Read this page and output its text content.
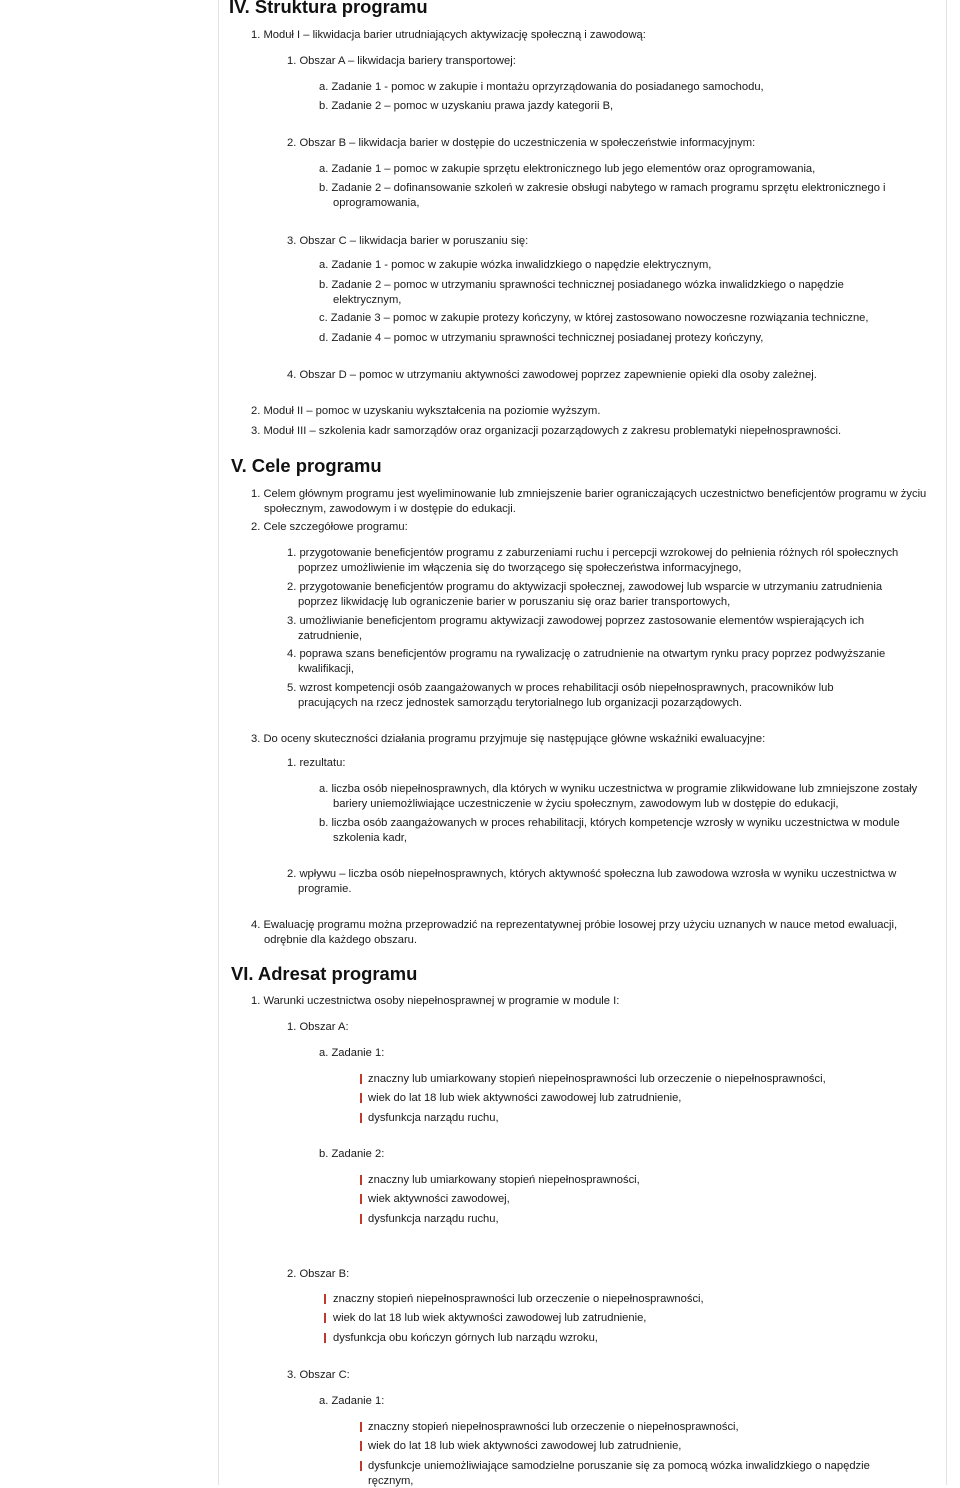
IV. Struktura programu
1. Moduł I – likwidacja barier utrudniających aktywizację społeczną i zawodową:
1. Obszar A – likwidacja bariery transportowej:
a. Zadanie 1 - pomoc w zakupie i montażu oprzyrządowania do posiadanego samochodu,
b. Zadanie 2 – pomoc w uzyskaniu prawa jazdy kategorii B,
2. Obszar B – likwidacja barier w dostępie do uczestniczenia w społeczeństwie informacyjnym:
a. Zadanie 1 – pomoc w zakupie sprzętu elektronicznego lub jego elementów oraz oprogramowania,
b. Zadanie 2 – dofinansowanie szkoleń w zakresie obsługi nabytego w ramach programu sprzętu elektronicznego i oprogramowania,
3. Obszar C – likwidacja barier w poruszaniu się:
a. Zadanie 1 - pomoc w zakupie wózka inwalidzkiego o napędzie elektrycznym,
b. Zadanie 2 – pomoc w utrzymaniu sprawności technicznej posiadanego wózka inwalidzkiego o napędzie elektrycznym,
c. Zadanie 3 – pomoc w zakupie protezy kończyny, w której zastosowano nowoczesne rozwiązania techniczne,
d. Zadanie 4 – pomoc w utrzymaniu sprawności technicznej posiadanej protezy kończyny,
4. Obszar D – pomoc w utrzymaniu aktywności zawodowej poprzez zapewnienie opieki dla osoby zależnej.
2. Moduł II – pomoc w uzyskaniu wykształcenia na poziomie wyższym.
3. Moduł III – szkolenia kadr samorządów oraz organizacji pozarządowych z zakresu problematyki niepełnosprawności.
V. Cele programu
1. Celem głównym programu jest wyeliminowanie lub zmniejszenie barier ograniczających uczestnictwo beneficjentów programu w życiu społecznym, zawodowym i w dostępie do edukacji.
2. Cele szczegółowe programu:
1. przygotowanie beneficjentów programu z zaburzeniami ruchu i percepcji wzrokowej do pełnienia różnych ról społecznych poprzez umożliwienie im włączenia się do tworzącego się społeczeństwa informacyjnego,
2. przygotowanie beneficjentów programu do aktywizacji społecznej, zawodowej lub wsparcie w utrzymaniu zatrudnienia poprzez likwidację lub ograniczenie barier w poruszaniu się oraz barier transportowych,
3. umożliwianie beneficjentom programu aktywizacji zawodowej poprzez zastosowanie elementów wspierających ich zatrudnienie,
4. poprawa szans beneficjentów programu na rywalizację o zatrudnienie na otwartym rynku pracy poprzez podwyższanie kwalifikacji,
5. wzrost kompetencji osób zaangażowanych w proces rehabilitacji osób niepełnosprawnych, pracowników lub pracujących na rzecz jednostek samorządu terytorialnego lub organizacji pozarządowych.
3. Do oceny skuteczności działania programu przyjmuje się następujące główne wskaźniki ewaluacyjne:
1. rezultatu:
a. liczba osób niepełnosprawnych, dla których w wyniku uczestnictwa w programie zlikwidowane lub zmniejszone zostały bariery uniemożliwiające uczestniczenie w życiu społecznym, zawodowym lub w dostępie do edukacji,
b. liczba osób zaangażowanych w proces rehabilitacji, których kompetencje wzrosły w wyniku uczestnictwa w module szkolenia kadr,
2. wpływu – liczba osób niepełnosprawnych, których aktywność społeczna lub zawodowa wzrosła w wyniku uczestnictwa w programie.
4. Ewaluację programu można przeprowadzić na reprezentatywnej próbie losowej przy użyciu uznanych w nauce metod ewaluacji, odrębnie dla każdego obszaru.
VI. Adresat programu
1. Warunki uczestnictwa osoby niepełnosprawnej w programie w module I:
1. Obszar A:
a. Zadanie 1:
znaczny lub umiarkowany stopień niepełnosprawności lub orzeczenie o niepełnosprawności,
wiek do lat 18 lub wiek aktywności zawodowej lub zatrudnienie,
dysfunkcja narządu ruchu,
b. Zadanie 2:
znaczny lub umiarkowany stopień niepełnosprawności,
wiek aktywności zawodowej,
dysfunkcja narządu ruchu,
2. Obszar B:
znaczny stopień niepełnosprawności lub orzeczenie o niepełnosprawności,
wiek do lat 18 lub wiek aktywności zawodowej lub zatrudnienie,
dysfunkcja obu kończyn górnych lub narządu wzroku,
3. Obszar C:
a. Zadanie 1:
znaczny stopień niepełnosprawności lub orzeczenie o niepełnosprawności,
wiek do lat 18 lub wiek aktywności zawodowej lub zatrudnienie,
dysfunkcje uniemożliwiające samodzielne poruszanie się za pomocą wózka inwalidzkiego o napędzie ręcznym,
